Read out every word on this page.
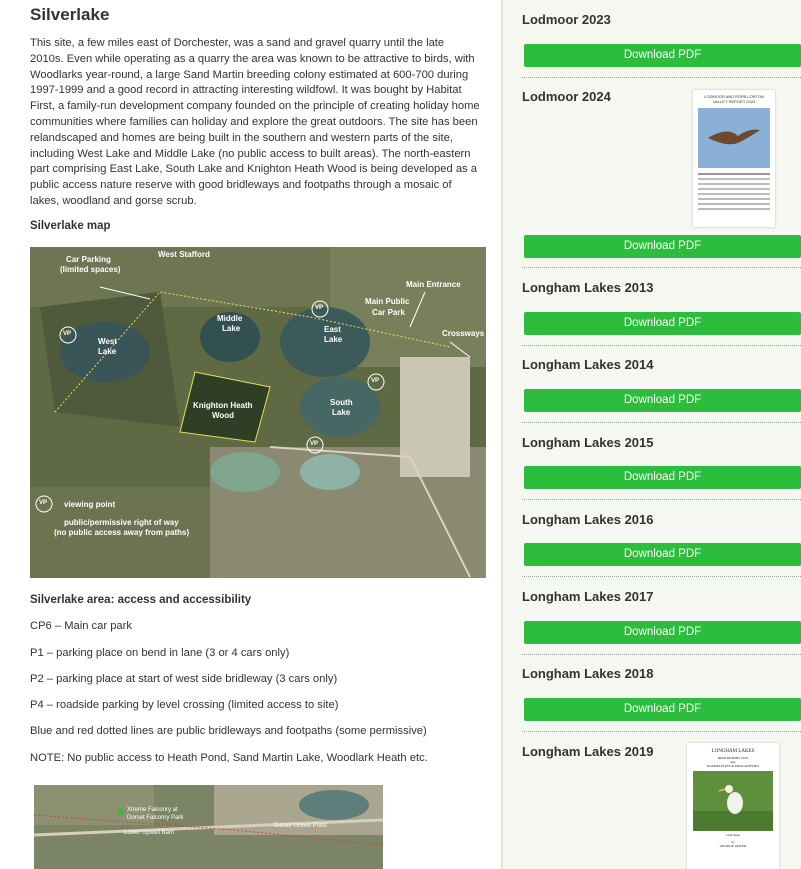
Silverlake

This site, a few miles east of Dorchester, was a sand and gravel quarry until the late 2010s. Even while operating as a quarry the area was known to be attractive to birds, with Woodlarks year-round, a large Sand Martin breeding colony estimated at 600-700 during 1997-1999 and a good record in attracting interesting wildfowl. It was bought by Habitat First, a family-run development company founded on the principle of creating holiday home communities where families can holiday and explore the great outdoors. The site has been relandscaped and homes are being built in the southern and western parts of the site, including West Lake and Middle Lake (no public access to built areas). The north-eastern part comprising East Lake, South Lake and Knighton Heath Wood is being developed as a public access nature reserve with good bridleways and footpaths through a mosaic of lakes, woodland and gorse scrub.

Silverlake map

Car Parking
(limited spaces)
West Stafford
Main Entrance
Main Public
Car Park
Crossways
Middle
Lake
West
Lake
East
Lake
South
Lake
Knighton Heath
Wood
VP
VP
VP
VP
VP viewing point
public/permissive right of way
(no public access away from paths)

Silverlake area: access and accessibility

CP6 – Main car park

P1 – parking place on bend in lane (3 or 4 cars only)

P2 – parking place at start of west side bridleway (3 cars only)

P4 – roadside parking by level crossing (limited access to site)

Blue and red dotted lines are public bridleways and footpaths (some permissive)

NOTE: No public access to Heath Pond, Sand Martin Lake, Woodlark Heath etc.

Xtreme Falconry at
Dorset Falconry Park
Lower Upwell Barn
Dorset Gravel Pond

Lodmoor 2023

Download PDF

Lodmoor 2024	LODMOOR AND RSPB LORTON
VALLEY REPORT 2024
Download PDF

Longham Lakes 2013

Download PDF

Longham Lakes 2014

Download PDF

Longham Lakes 2015

Download PDF

Longham Lakes 2016

Download PDF

Longham Lakes 2017

Download PDF

Longham Lakes 2018

Download PDF

Longham Lakes 2019	LONGHAM LAKES
BIRD REPORT 2019
also
DAMSELFLIES & DRAGONFLIES
Cattle Egret
by
GEORGE GREEN
